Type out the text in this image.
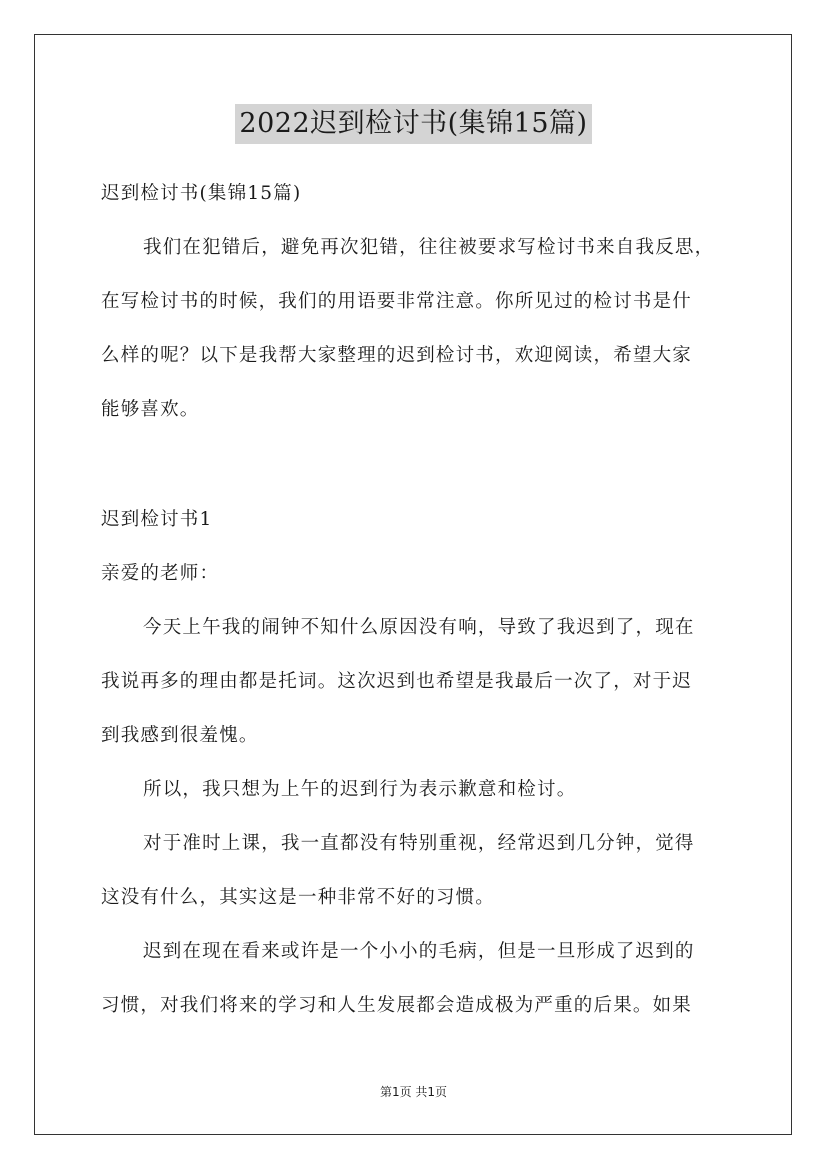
2022迟到检讨书(集锦15篇)

迟到检讨书(集锦15篇)

我们在犯错后，避免再次犯错，往往被要求写检讨书来自我反思，

在写检讨书的时候，我们的用语要非常注意。你所见过的检讨书是什

么样的呢？以下是我帮大家整理的迟到检讨书，欢迎阅读，希望大家

能够喜欢。

迟到检讨书1

亲爱的老师：

今天上午我的闹钟不知什么原因没有响，导致了我迟到了，现在

我说再多的理由都是托词。这次迟到也希望是我最后一次了，对于迟

到我感到很羞愧。

所以，我只想为上午的迟到行为表示歉意和检讨。

对于准时上课，我一直都没有特别重视，经常迟到几分钟，觉得

这没有什么，其实这是一种非常不好的习惯。

迟到在现在看来或许是一个小小的毛病，但是一旦形成了迟到的

习惯，对我们将来的学习和人生发展都会造成极为严重的后果。如果

第1页 共1页
